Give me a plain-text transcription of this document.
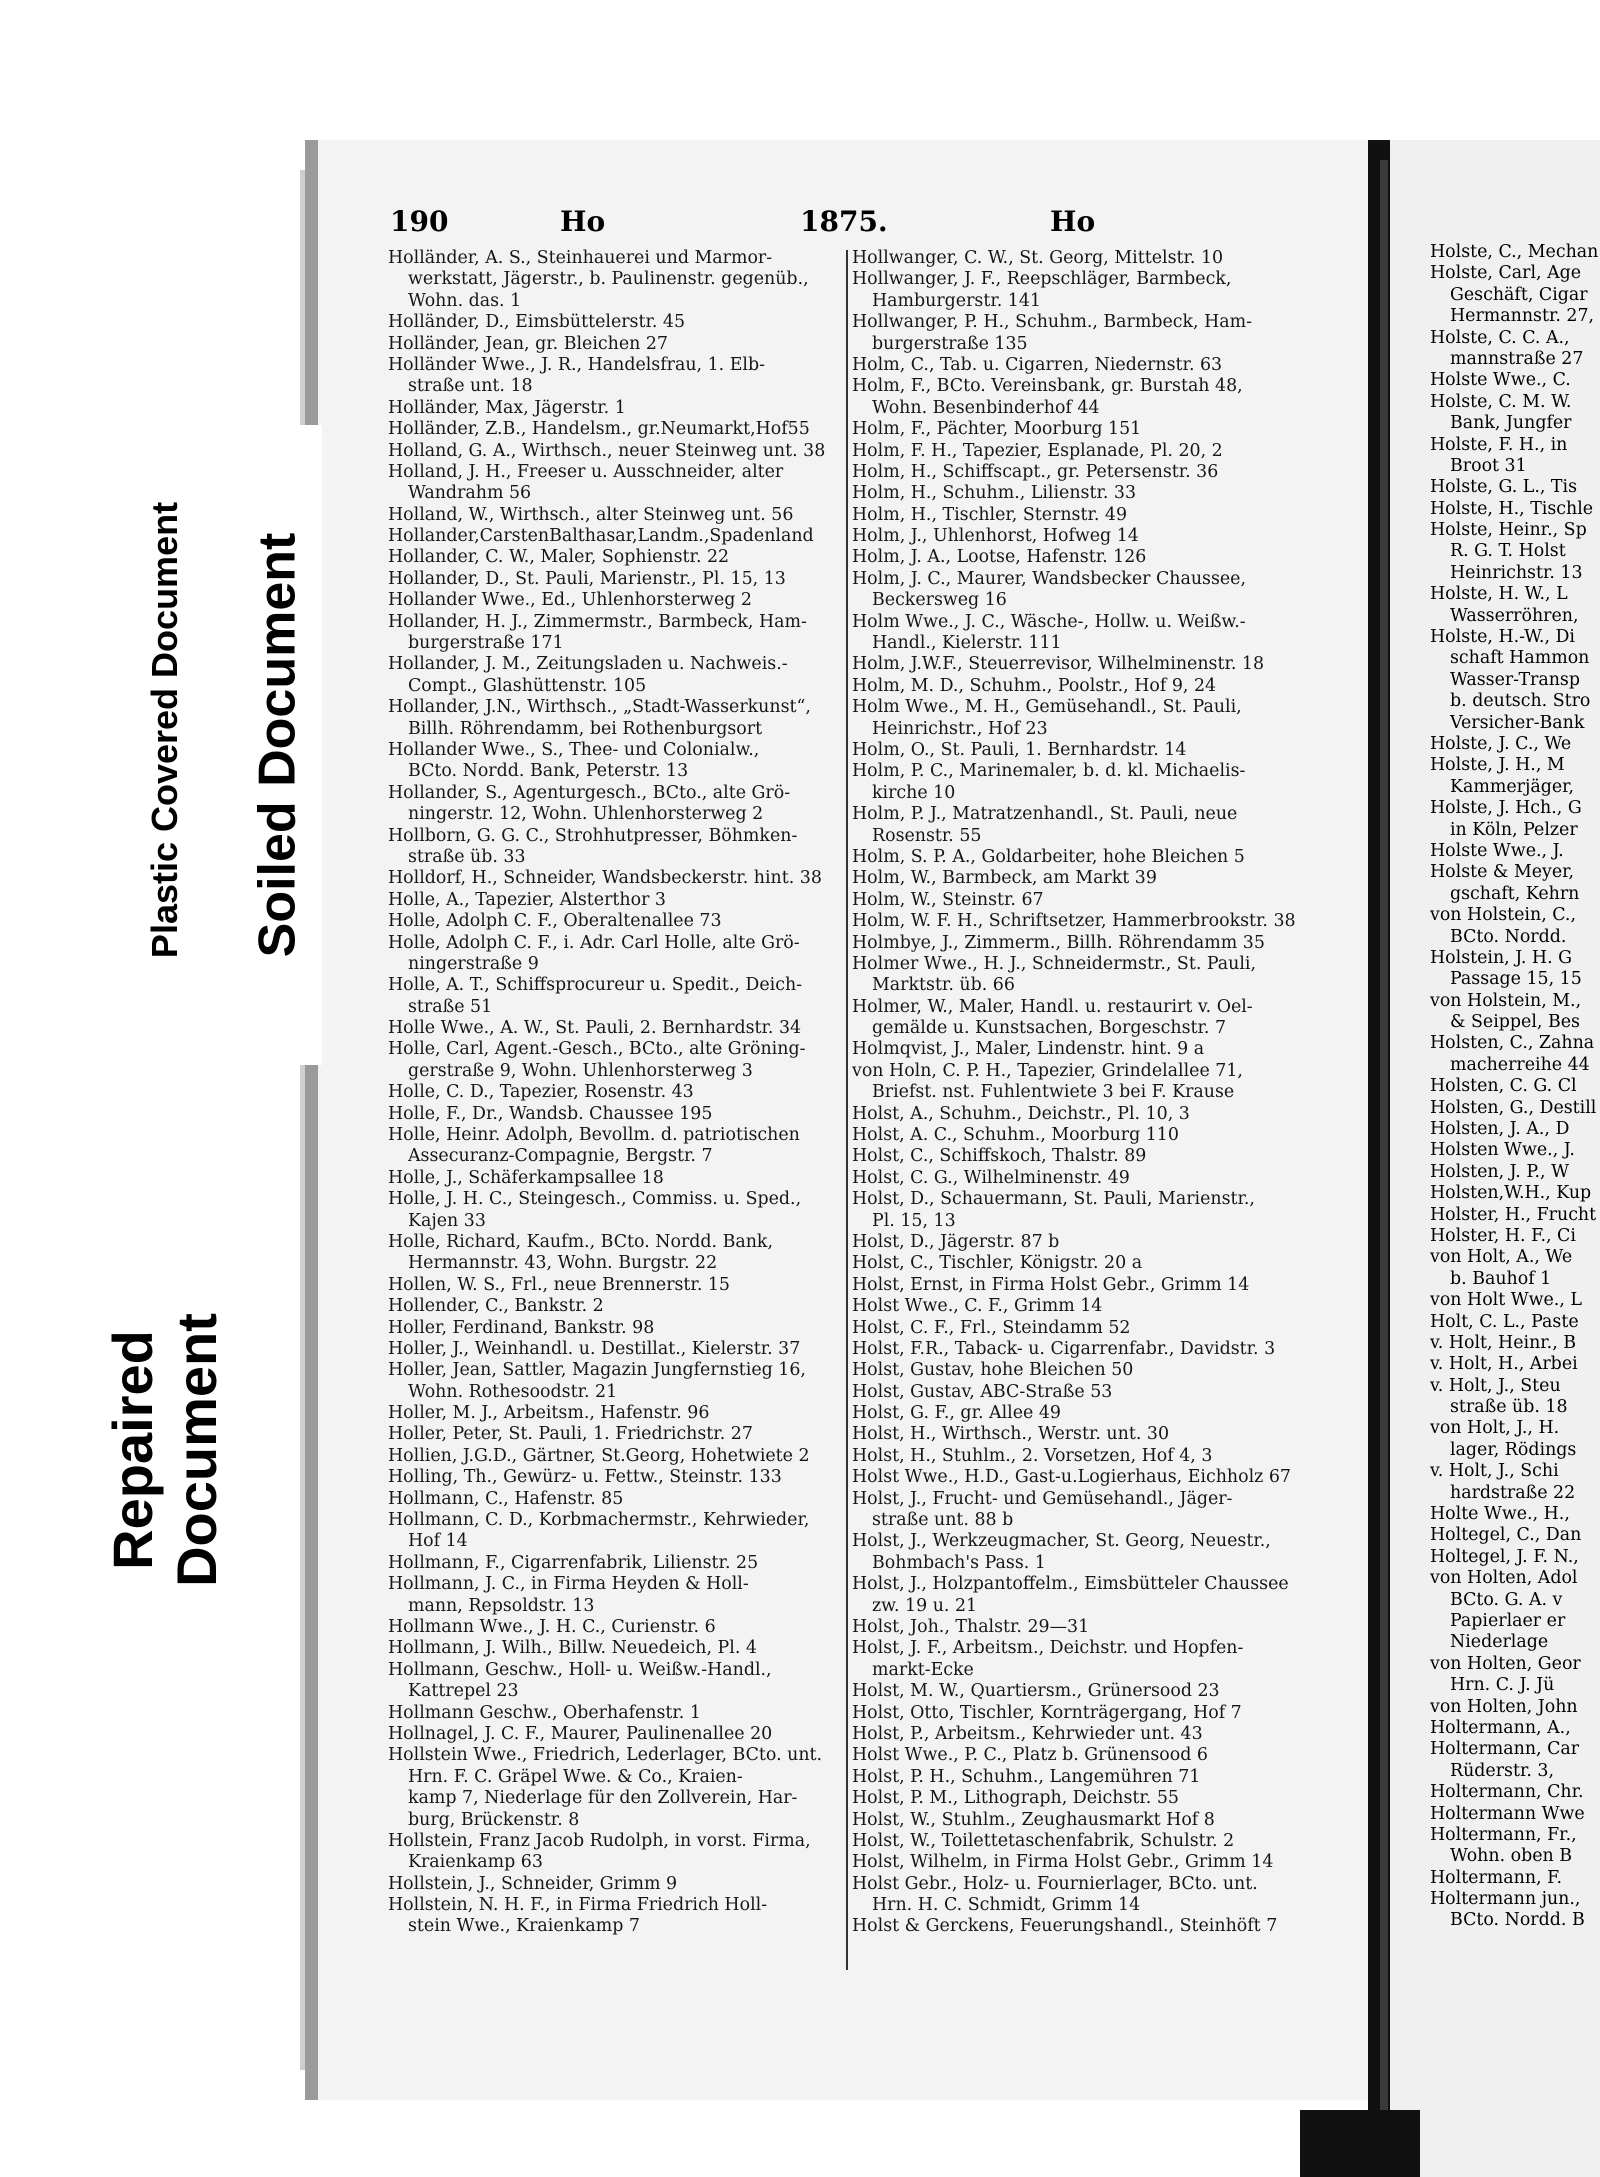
190	Ho	1875.	Ho
Holländer, A. S., Steinhauerei und Marmor-
werkstatt, Jägerstr., b. Paulinenstr. gegenüb.,
Wohn. das. 1
Holländer, D., Eimsbüttelerstr. 45
Holländer, Jean, gr. Bleichen 27
Holländer Wwe., J. R., Handelsfrau, 1. Elb-
straße unt. 18
Holländer, Max, Jägerstr. 1
Holländer, Z.B., Handelsm., gr.Neumarkt,Hof55
Holland, G. A., Wirthsch., neuer Steinweg unt. 38
Holland, J. H., Freeser u. Ausschneider, alter
Wandrahm 56
Holland, W., Wirthsch., alter Steinweg unt. 56
Hollander,CarstenBalthasar,Landm.,Spadenland
Hollander, C. W., Maler, Sophienstr. 22
Hollander, D., St. Pauli, Marienstr., Pl. 15, 13
Hollander Wwe., Ed., Uhlenhorsterweg 2
Hollander, H. J., Zimmermstr., Barmbeck, Ham-
burgerstraße 171
Hollander, J. M., Zeitungsladen u. Nachweis.-
Compt., Glashüttenstr. 105
Hollander, J.N., Wirthsch., „Stadt-Wasserkunst“,
Billh. Röhrendamm, bei Rothenburgsort
Hollander Wwe., S., Thee- und Colonialw.,
BCto. Nordd. Bank, Peterstr. 13
Hollander, S., Agenturgesch., BCto., alte Grö-
ningerstr. 12, Wohn. Uhlenhorsterweg 2
Hollborn, G. G. C., Strohhutpresser, Böhmken-
straße üb. 33
Holldorf, H., Schneider, Wandsbeckerstr. hint. 38
Holle, A., Tapezier, Alsterthor 3
Holle, Adolph C. F., Oberaltenallee 73
Holle, Adolph C. F., i. Adr. Carl Holle, alte Grö-
ningerstraße 9
Holle, A. T., Schiffsprocureur u. Spedit., Deich-
straße 51
Holle Wwe., A. W., St. Pauli, 2. Bernhardstr. 34
Holle, Carl, Agent.-Gesch., BCto., alte Gröning-
gerstraße 9, Wohn. Uhlenhorsterweg 3
Holle, C. D., Tapezier, Rosenstr. 43
Holle, F., Dr., Wandsb. Chaussee 195
Holle, Heinr. Adolph, Bevollm. d. patriotischen
Assecuranz-Compagnie, Bergstr. 7
Holle, J., Schäferkampsallee 18
Holle, J. H. C., Steingesch., Commiss. u. Sped.,
Kajen 33
Holle, Richard, Kaufm., BCto. Nordd. Bank,
Hermannstr. 43, Wohn. Burgstr. 22
Hollen, W. S., Frl., neue Brennerstr. 15
Hollender, C., Bankstr. 2
Holler, Ferdinand, Bankstr. 98
Holler, J., Weinhandl. u. Destillat., Kielerstr. 37
Holler, Jean, Sattler, Magazin Jungfernstieg 16,
Wohn. Rothesoodstr. 21
Holler, M. J., Arbeitsm., Hafenstr. 96
Holler, Peter, St. Pauli, 1. Friedrichstr. 27
Hollien, J.G.D., Gärtner, St.Georg, Hohetwiete 2
Holling, Th., Gewürz- u. Fettw., Steinstr. 133
Hollmann, C., Hafenstr. 85
Hollmann, C. D., Korbmachermstr., Kehrwieder,
Hof 14
Hollmann, F., Cigarrenfabrik, Lilienstr. 25
Hollmann, J. C., in Firma Heyden & Holl-
mann, Repsoldstr. 13
Hollmann Wwe., J. H. C., Curienstr. 6
Hollmann, J. Wilh., Billw. Neuedeich, Pl. 4
Hollmann, Geschw., Holl- u. Weißw.-Handl.,
Kattrepel 23
Hollmann Geschw., Oberhafenstr. 1
Hollnagel, J. C. F., Maurer, Paulinenallee 20
Hollstein Wwe., Friedrich, Lederlager, BCto. unt.
Hrn. F. C. Gräpel Wwe. & Co., Kraien-
kamp 7, Niederlage für den Zollverein, Har-
burg, Brückenstr. 8
Hollstein, Franz Jacob Rudolph, in vorst. Firma,
Kraienkamp 63
Hollstein, J., Schneider, Grimm 9
Hollstein, N. H. F., in Firma Friedrich Holl-
stein Wwe., Kraienkamp 7
Hollwanger, C. W., St. Georg, Mittelstr. 10
Hollwanger, J. F., Reepschläger, Barmbeck,
Hamburgerstr. 141
Hollwanger, P. H., Schuhm., Barmbeck, Ham-
burgerstraße 135
Holm, C., Tab. u. Cigarren, Niedernstr. 63
Holm, F., BCto. Vereinsbank, gr. Burstah 48,
Wohn. Besenbinderhof 44
Holm, F., Pächter, Moorburg 151
Holm, F. H., Tapezier, Esplanade, Pl. 20, 2
Holm, H., Schiffscapt., gr. Petersenstr. 36
Holm, H., Schuhm., Lilienstr. 33
Holm, H., Tischler, Sternstr. 49
Holm, J., Uhlenhorst, Hofweg 14
Holm, J. A., Lootse, Hafenstr. 126
Holm, J. C., Maurer, Wandsbecker Chaussee,
Beckersweg 16
Holm Wwe., J. C., Wäsche-, Hollw. u. Weißw.-
Handl., Kielerstr. 111
Holm, J.W.F., Steuerrevisor, Wilhelminenstr. 18
Holm, M. D., Schuhm., Poolstr., Hof 9, 24
Holm Wwe., M. H., Gemüsehandl., St. Pauli,
Heinrichstr., Hof 23
Holm, O., St. Pauli, 1. Bernhardstr. 14
Holm, P. C., Marinemaler, b. d. kl. Michaelis-
kirche 10
Holm, P. J., Matratzenhandl., St. Pauli, neue
Rosenstr. 55
Holm, S. P. A., Goldarbeiter, hohe Bleichen 5
Holm, W., Barmbeck, am Markt 39
Holm, W., Steinstr. 67
Holm, W. F. H., Schriftsetzer, Hammerbrookstr. 38
Holmbye, J., Zimmerm., Billh. Röhrendamm 35
Holmer Wwe., H. J., Schneidermstr., St. Pauli,
Marktstr. üb. 66
Holmer, W., Maler, Handl. u. restaurirt v. Oel-
gemälde u. Kunstsachen, Borgeschstr. 7
Holmqvist, J., Maler, Lindenstr. hint. 9 a
von Holn, C. P. H., Tapezier, Grindelallee 71,
Briefst. nst. Fuhlentwiete 3 bei F. Krause
Holst, A., Schuhm., Deichstr., Pl. 10, 3
Holst, A. C., Schuhm., Moorburg 110
Holst, C., Schiffskoch, Thalstr. 89
Holst, C. G., Wilhelminenstr. 49
Holst, D., Schauermann, St. Pauli, Marienstr.,
Pl. 15, 13
Holst, D., Jägerstr. 87 b
Holst, C., Tischler, Königstr. 20 a
Holst, Ernst, in Firma Holst Gebr., Grimm 14
Holst Wwe., C. F., Grimm 14
Holst, C. F., Frl., Steindamm 52
Holst, F.R., Taback- u. Cigarrenfabr., Davidstr. 3
Holst, Gustav, hohe Bleichen 50
Holst, Gustav, ABC-Straße 53
Holst, G. F., gr. Allee 49
Holst, H., Wirthsch., Werstr. unt. 30
Holst, H., Stuhlm., 2. Vorsetzen, Hof 4, 3
Holst Wwe., H.D., Gast-u.Logierhaus, Eichholz 67
Holst, J., Frucht- und Gemüsehandl., Jäger-
straße unt. 88 b
Holst, J., Werkzeugmacher, St. Georg, Neuestr.,
Bohmbach's Pass. 1
Holst, J., Holzpantoffelm., Eimsbütteler Chaussee
zw. 19 u. 21
Holst, Joh., Thalstr. 29—31
Holst, J. F., Arbeitsm., Deichstr. und Hopfen-
markt-Ecke
Holst, M. W., Quartiersm., Grünersood 23
Holst, Otto, Tischler, Kornträgergang, Hof 7
Holst, P., Arbeitsm., Kehrwieder unt. 43
Holst Wwe., P. C., Platz b. Grünensood 6
Holst, P. H., Schuhm., Langemühren 71
Holst, P. M., Lithograph, Deichstr. 55
Holst, W., Stuhlm., Zeughausmarkt Hof 8
Holst, W., Toilettetaschenfabrik, Schulstr. 2
Holst, Wilhelm, in Firma Holst Gebr., Grimm 14
Holst Gebr., Holz- u. Fournierlager, BCto. unt.
Hrn. H. C. Schmidt, Grimm 14
Holst & Gerckens, Feuerungshandl., Steinhöft 7
Holste, C., Mechan
Holste, Carl, Age
Geschäft, Cigar
Hermannstr. 27,
Holste, C. C. A.,
mannstraße 27
Holste Wwe., C.
Holste, C. M. W.
Bank, Jungfer
Holste, F. H., in
Broot 31
Holste, G. L., Tis
Holste, H., Tischle
Holste, Heinr., Sp
R. G. T. Holst
Heinrichstr. 13
Holste, H. W., L
Wasserröhren,
Holste, H.-W., Di
schaft Hammon
Wasser-Transp
b. deutsch. Stro
Versicher-Bank
Holste, J. C., We
Holste, J. H., M
Kammerjäger,
Holste, J. Hch., G
in Köln, Pelzer
Holste Wwe., J.
Holste & Meyer,
gschaft, Kehrn
von Holstein, C.,
BCto. Nordd.
Holstein, J. H. G
Passage 15, 15
von Holstein, M.,
& Seippel, Bes
Holsten, C., Zahna
macherreihe 44
Holsten, C. G. Cl
Holsten, G., Destill
Holsten, J. A., D
Holsten Wwe., J.
Holsten, J. P., W
Holsten,W.H., Kup
Holster, H., Frucht
Holster, H. F., Ci
von Holt, A., We
b. Bauhof 1
von Holt Wwe., L
Holt, C. L., Paste
v. Holt, Heinr., B
v. Holt, H., Arbei
v. Holt, J., Steu
straße üb. 18
von Holt, J., H.
lager, Rödings
v. Holt, J., Schi
hardstraße 22
Holte Wwe., H.,
Holtegel, C., Dan
Holtegel, J. F. N.,
von Holten, Adol
BCto. G. A. v
Papierlaer er
Niederlage
von Holten, Geor
Hrn. C. J. Jü
von Holten, John
Holtermann, A.,
Holtermann, Car
Rüderstr. 3,
Holtermann, Chr.
Holtermann Wwe
Holtermann, Fr.,
Wohn. oben B
Holtermann, F.
Holtermann jun.,
BCto. Nordd. B
Plastic Covered Document Soiled Document
Repaired Document
